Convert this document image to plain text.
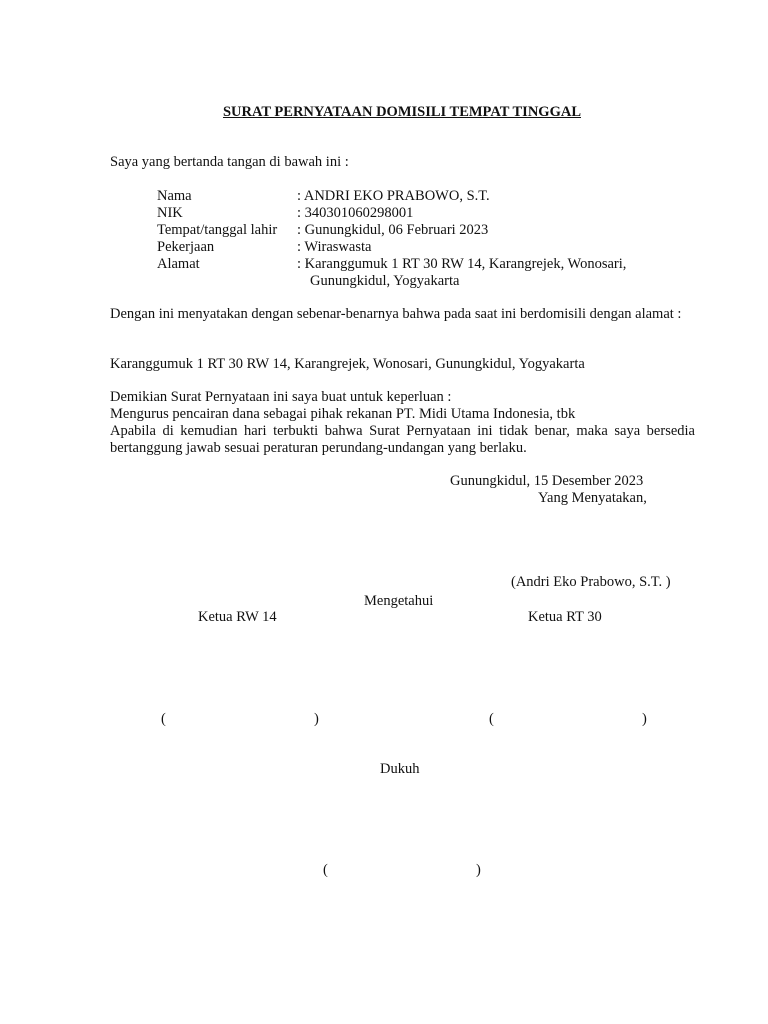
SURAT PERNYATAAN DOMISILI TEMPAT TINGGAL
Saya yang bertanda tangan di bawah ini :
Nama	: ANDRI EKO PRABOWO, S.T.
NIK	: 340301060298001
Tempat/tanggal lahir : Gunungkidul, 06 Februari 2023
Pekerjaan	: Wiraswasta
Alamat	: Karanggumuk 1 RT 30 RW 14, Karangrejek, Wonosari,
Gunungkidul, Yogyakarta
Dengan ini menyatakan dengan sebenar-benarnya bahwa pada saat ini berdomisili dengan alamat :
Karanggumuk 1 RT 30 RW 14, Karangrejek, Wonosari, Gunungkidul, Yogyakarta
Demikian Surat Pernyataan ini saya buat untuk keperluan :
Mengurus pencairan dana sebagai pihak rekanan PT. Midi Utama Indonesia, tbk
Apabila di kemudian hari terbukti bahwa Surat Pernyataan ini tidak benar, maka saya bersedia bertanggung jawab sesuai peraturan perundang-undangan yang berlaku.
Gunungkidul, 15 Desember 2023
Yang Menyatakan,
(Andri Eko Prabowo, S.T. )
Mengetahui
Ketua RW 14	Ketua RT 30
(	)	(	)
Dukuh
(	)
